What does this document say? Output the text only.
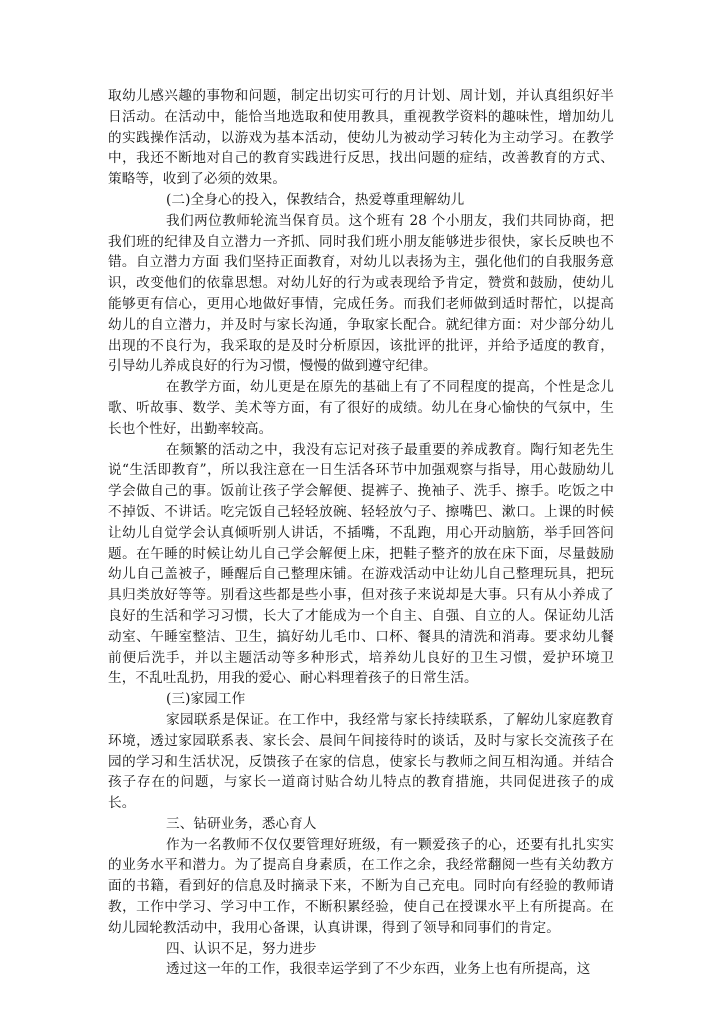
取幼儿感兴趣的事物和问题，制定出切实可行的月计划、周计划，并认真组织好半日活动。在活动中，能恰当地选取和使用教具，重视教学资料的趣味性，增加幼儿的实践操作活动，以游戏为基本活动，使幼儿为被动学习转化为主动学习。在教学中，我还不断地对自己的教育实践进行反思，找出问题的症结，改善教育的方式、策略等，收到了必须的效果。

(二)全身心的投入，保教结合，热爱尊重理解幼儿

我们两位教师轮流当保育员。这个班有 28 个小朋友，我们共同协商，把我们班的纪律及自立潜力一齐抓、同时我们班小朋友能够进步很快，家长反映也不错。自立潜力方面 我们坚持正面教育，对幼儿以表扬为主，强化他们的自我服务意识，改变他们的依靠思想。对幼儿好的行为或表现给予肯定，赞赏和鼓励，使幼儿能够更有信心，更用心地做好事情，完成任务。而我们老师做到适时帮忙，以提高幼儿的自立潜力，并及时与家长沟通，争取家长配合。就纪律方面：对少部分幼儿出现的不良行为，我采取的是及时分析原因，该批评的批评，并给予适度的教育，引导幼儿养成良好的行为习惯，慢慢的做到遵守纪律。

在教学方面，幼儿更是在原先的基础上有了不同程度的提高，个性是念儿歌、听故事、数学、美术等方面，有了很好的成绩。幼儿在身心愉快的气氛中，生长也个性好，出勤率较高。

在频繁的活动之中，我没有忘记对孩子最重要的养成教育。陶行知老先生说“生活即教育”，所以我注意在一日生活各环节中加强观察与指导，用心鼓励幼儿学会做自己的事。饭前让孩子学会解便、提裤子、挽袖子、洗手、擦手。吃饭之中不掉饭、不讲话。吃完饭自己轻轻放碗、轻轻放勺子、擦嘴巴、漱口。上课的时候让幼儿自觉学会认真倾听别人讲话，不插嘴，不乱跑，用心开动脑筋，举手回答问题。在午睡的时候让幼儿自己学会解便上床，把鞋子整齐的放在床下面，尽量鼓励幼儿自己盖被子，睡醒后自己整理床铺。在游戏活动中让幼儿自己整理玩具，把玩具归类放好等等。别看这些都是些小事，但对孩子来说却是大事。只有从小养成了良好的生活和学习习惯，长大了才能成为一个自主、自强、自立的人。保证幼儿活动室、午睡室整洁、卫生，搞好幼儿毛巾、口杯、餐具的清洗和消毒。要求幼儿餐前便后洗手，并以主题活动等多种形式，培养幼儿良好的卫生习惯，爱护环境卫生，不乱吐乱扔，用我的爱心、耐心料理着孩子的日常生活。

(三)家园工作

家园联系是保证。在工作中，我经常与家长持续联系，了解幼儿家庭教育环境，透过家园联系表、家长会、晨间午间接待时的谈话，及时与家长交流孩子在园的学习和生活状况，反馈孩子在家的信息，使家长与教师之间互相沟通。并结合孩子存在的问题，与家长一道商讨贴合幼儿特点的教育措施，共同促进孩子的成长。

三、钻研业务，悉心育人

作为一名教师不仅仅要管理好班级，有一颗爱孩子的心，还要有扎扎实实的业务水平和潜力。为了提高自身素质，在工作之余，我经常翻阅一些有关幼教方面的书籍，看到好的信息及时摘录下来，不断为自己充电。同时向有经验的教师请教，工作中学习、学习中工作，不断积累经验，使自己在授课水平上有所提高。在幼儿园轮教活动中，我用心备课，认真讲课，得到了领导和同事们的肯定。

四、认识不足，努力进步

透过这一年的工作，我很幸运学到了不少东西，业务上也有所提高，这
